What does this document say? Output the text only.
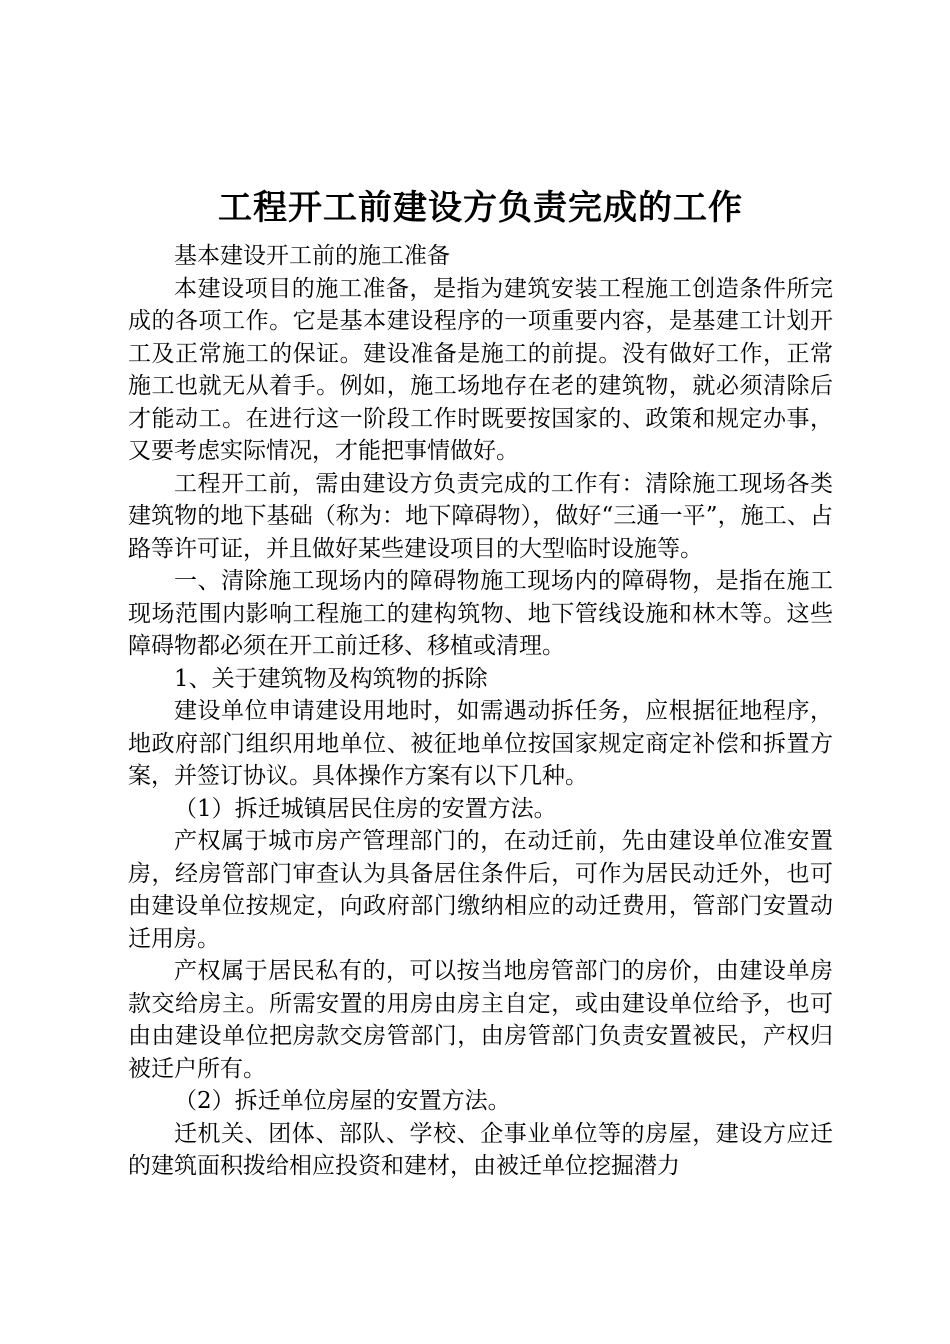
工程开工前建设方负责完成的工作

基本建设开工前的施工准备

本建设项目的施工准备，是指为建筑安装工程施工创造条件所完成的各项工作。它是基本建设程序的一项重要内容，是基建工计划开工及正常施工的保证。建设准备是施工的前提。没有做好工作，正常施工也就无从着手。例如，施工场地存在老的建筑物，就必须清除后才能动工。在进行这一阶段工作时既要按国家的、政策和规定办事，又要考虑实际情况，才能把事情做好。

工程开工前，需由建设方负责完成的工作有：清除施工现场各类建筑物的地下基础（称为：地下障碍物），做好“三通一平”，施工、占路等许可证，并且做好某些建设项目的大型临时设施等。

一、清除施工现场内的障碍物施工现场内的障碍物，是指在施工现场范围内影响工程施工的建构筑物、地下管线设施和林木等。这些障碍物都必须在开工前迁移、移植或清理。

1、关于建筑物及构筑物的拆除

建设单位申请建设用地时，如需遇动拆任务，应根据征地程序，地政府部门组织用地单位、被征地单位按国家规定商定补偿和拆置方案，并签订协议。具体操作方案有以下几种。

（1）拆迁城镇居民住房的安置方法。

产权属于城市房产管理部门的，在动迁前，先由建设单位准安置房，经房管部门审查认为具备居住条件后，可作为居民动迁外，也可由建设单位按规定，向政府部门缴纳相应的动迁费用，管部门安置动迁用房。

产权属于居民私有的，可以按当地房管部门的房价，由建设单房款交给房主。所需安置的用房由房主自定，或由建设单位给予，也可由由建设单位把房款交房管部门，由房管部门负责安置被民，产权归被迁户所有。

（2）拆迁单位房屋的安置方法。

迁机关、团体、部队、学校、企事业单位等的房屋，建设方应迁的建筑面积拨给相应投资和建材，由被迁单位挖掘潜力
